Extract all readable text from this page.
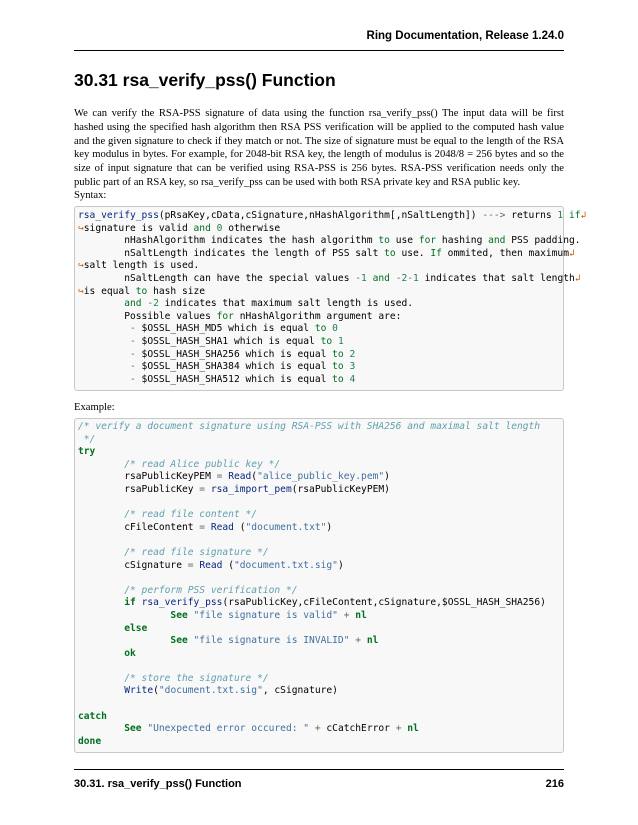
Ring Documentation, Release 1.24.0
30.31 rsa_verify_pss() Function

We can verify the RSA-PSS signature of data using the function rsa_verify_pss() The input data will be first hashed using the specified hash algorithm then RSA PSS verification will be applied to the computed hash value and the given signature to check if they match or not. The size of signature must be equal to the length of the RSA key modulus in bytes. For example, for 2048-bit RSA key, the length of modulus is 2048/8 = 256 bytes and so the size of input signature that can be verified using RSA-PSS is 256 bytes. RSA-PSS verification needs only the public part of an RSA key, so rsa_verify_pss can be used with both RSA private key and RSA public key.

Syntax:

rsa_verify_pss(pRsaKey,cData,cSignature,nHashAlgorithm[,nSaltLength]) ---> returns 1 if↲
↪signature is valid and 0 otherwise
nHashAlgorithm indicates the hash algorithm to use for hashing and PSS padding.
nSaltLength indicates the length of PSS salt to use. If ommited, then maximum↲
↪salt length is used.
nSaltLength can have the special values -1 and -2-1 indicates that salt length↲
↪is equal to hash size
and -2 indicates that maximum salt length is used.
Possible values for nHashAlgorithm argument are:
- $OSSL_HASH_MD5 which is equal to 0
- $OSSL_HASH_SHA1 which is equal to 1
- $OSSL_HASH_SHA256 which is equal to 2
- $OSSL_HASH_SHA384 which is equal to 3
- $OSSL_HASH_SHA512 which is equal to 4

Example:

/* verify a document signature using RSA-PSS with SHA256 and maximal salt length
*/
try
/* read Alice public key */
rsaPublicKeyPEM = Read("alice_public_key.pem")
rsaPublicKey = rsa_import_pem(rsaPublicKeyPEM)
/* read file content */
cFileContent = Read ("document.txt")
/* read file signature */
cSignature = Read ("document.txt.sig")
/* perform PSS verification */
if rsa_verify_pss(rsaPublicKey,cFileContent,cSignature,$OSSL_HASH_SHA256)
See "file signature is valid" + nl
else
See "file signature is INVALID" + nl
ok
/* store the signature */
Write("document.txt.sig", cSignature)
catch
See "Unexpected error occured: " + cCatchError + nl
done
30.31. rsa_verify_pss() Function	216
